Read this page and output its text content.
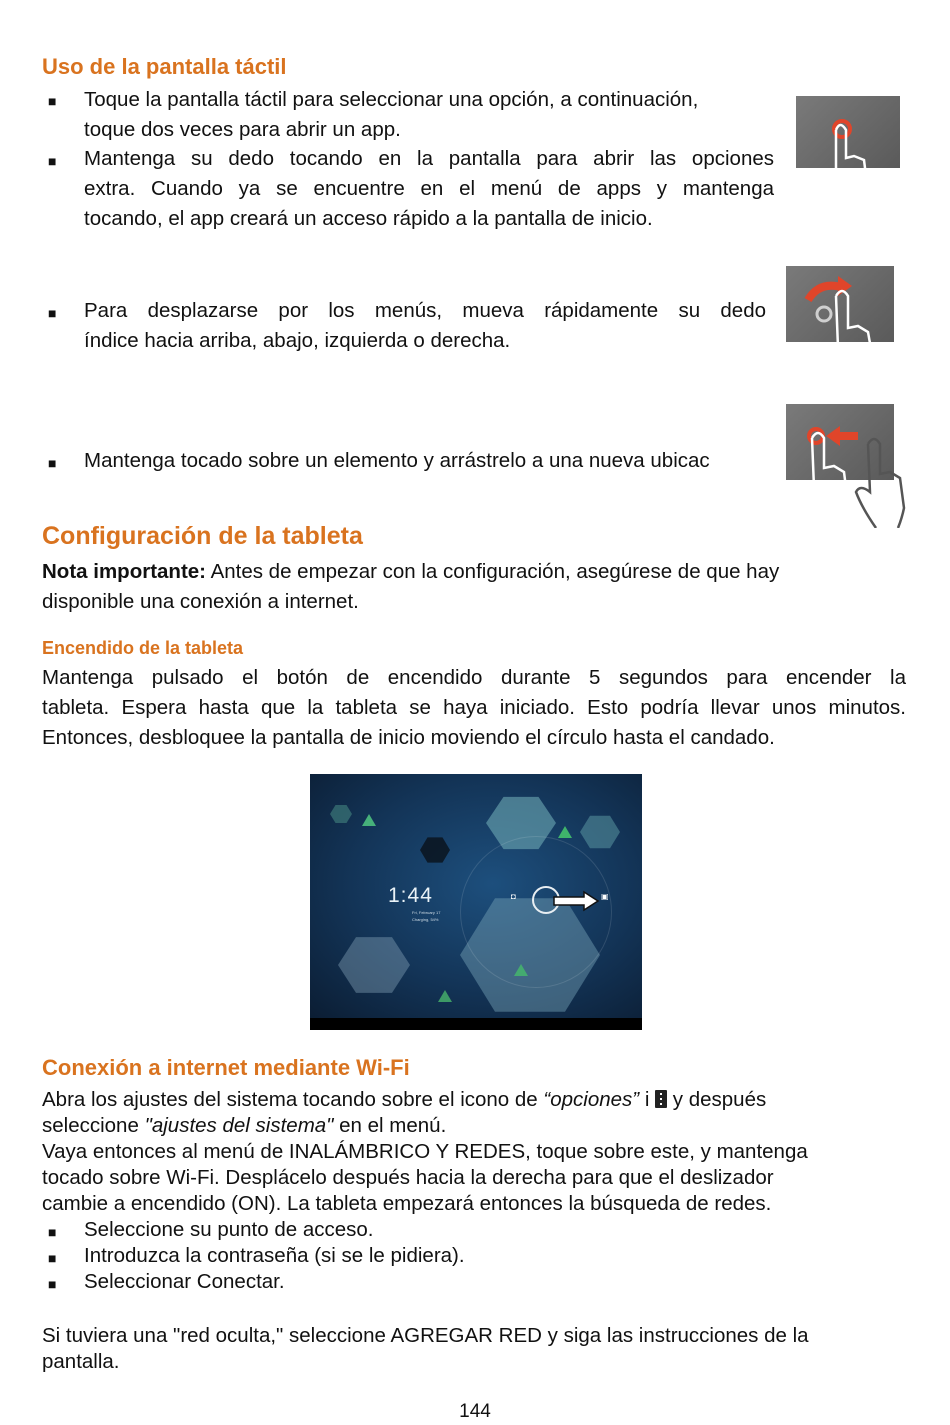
Uso de la pantalla táctil
■ Toque la pantalla táctil para seleccionar una opción, a continuación,
toque dos veces para abrir un app.
■ Mantenga su dedo tocando en la pantalla para abrir las opciones
extra. Cuando ya se encuentre en el menú de apps y mantenga
tocando, el app creará un acceso rápido a la pantalla de inicio.
■ Para desplazarse por los menús, mueva rápidamente su dedo
índice hacia arriba, abajo, izquierda o derecha.
■ Mantenga tocado sobre un elemento y arrástrelo a una nueva ubicac
Configuración de la tableta
Nota importante: Antes de empezar con la configuración, asegúrese de que hay
disponible una conexión a internet.
Encendido de la tableta
Mantenga pulsado el botón de encendido durante 5 segundos para encender la
tableta. Espera hasta que la tableta se haya iniciado. Esto podría llevar unos minutos.
Entonces, desbloquee la pantalla de inicio moviendo el círculo hasta el candado.
1:44
Fri, February 17
Charging, 54%
◘	▣
Conexión a internet mediante Wi-Fi
Abra los ajustes del sistema tocando sobre el icono de “opciones” i  y después
seleccione "ajustes del sistema" en el menú.
Vaya entonces al menú de INALÁMBRICO Y REDES, toque sobre este, y mantenga
tocado sobre Wi-Fi. Desplácelo después hacia la derecha para que el deslizador
cambie a encendido (ON). La tableta empezará entonces la búsqueda de redes.
■ Seleccione su punto de acceso.
■ Introduzca la contraseña (si se le pidiera).
■ Seleccionar Conectar.
Si tuviera una "red oculta," seleccione AGREGAR RED y siga las instrucciones de la
pantalla.
144
